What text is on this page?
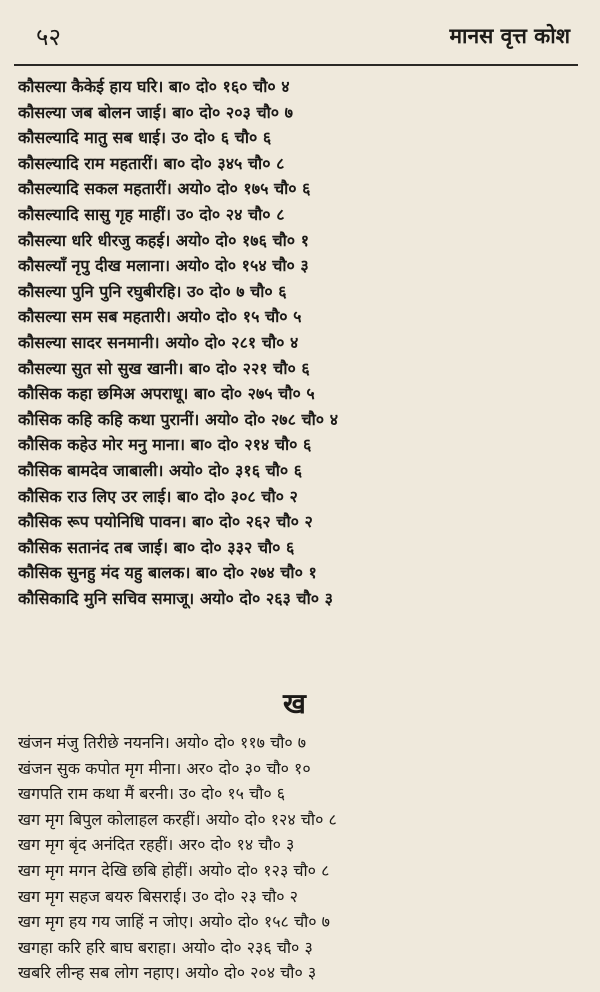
५२	मानस वृत्त कोश
कौसल्या कैकेई हाय घरि। बा० दो० १६० चौ० ४
कौसल्या जब बोलन जाई। बा० दो० २०३ चौ० ७
कौसल्यादि मातु सब धाई। उ० दो० ६ चौ० ६
कौसल्यादि राम महतारीं। बा० दो० ३४५ चौ० ८
कौसल्यादि सकल महतारीं। अयो० दो० १७५ चौ० ६
कौसल्यादि सासु गृह माहीं। उ० दो० २४ चौ० ८
कौसल्या धरि धीरजु कहई। अयो० दो० १७६ चौ० १
कौसल्याँ नृपु दीख मलाना। अयो० दो० १५४ चौ० ३
कौसल्या पुनि पुनि रघुबीरहि। उ० दो० ७ चौ० ६
कौसल्या सम सब महतारी। अयो० दो० १५ चौ० ५
कौसल्या सादर सनमानी। अयो० दो० २८१ चौ० ४
कौसल्या सुत सो सुख खानी। बा० दो० २२१ चौ० ६
कौसिक कहा छमिअ अपराधू। बा० दो० २७५ चौ० ५
कौसिक कहि कहि कथा पुरानीं। अयो० दो० २७८ चौ० ४
कौसिक कहेउ मोर मनु माना। बा० दो० २१४ चौ० ६
कौसिक बामदेव जाबाली। अयो० दो० ३१६ चौ० ६
कौसिक राउ लिए उर लाई। बा० दो० ३०८ चौ० २
कौसिक रूप पयोनिधि पावन। बा० दो० २६२ चौ० २
कौसिक सतानंद तब जाई। बा० दो० ३३२ चौ० ६
कौसिक सुनहु मंद यहु बालक। बा० दो० २७४ चौ० १
कौसिकादि मुनि सचिव समाजू। अयो० दो० २६३ चौ० ३
ख
खंजन मंजु तिरीछे नयननि। अयो० दो० ११७ चौ० ७
खंजन सुक कपोत मृग मीना। अर० दो० ३० चौ० १०
खगपति राम कथा मैं बरनी। उ० दो० १५ चौ० ६
खग मृग बिपुल कोलाहल करहीं। अयो० दो० १२४ चौ० ८
खग मृग बृंद अनंदित रहहीं। अर० दो० १४ चौ० ३
खग मृग मगन देखि छबि होहीं। अयो० दो० १२३ चौ० ८
खग मृग सहज बयरु बिसराई। उ० दो० २३ चौ० २
खग मृग हय गय जाहिं न जोए। अयो० दो० १५८ चौ० ७
खगहा करि हरि बाघ बराहा। अयो० दो० २३६ चौ० ३
खबरि लीन्ह सब लोग नहाए। अयो० दो० २०४ चौ० ३
